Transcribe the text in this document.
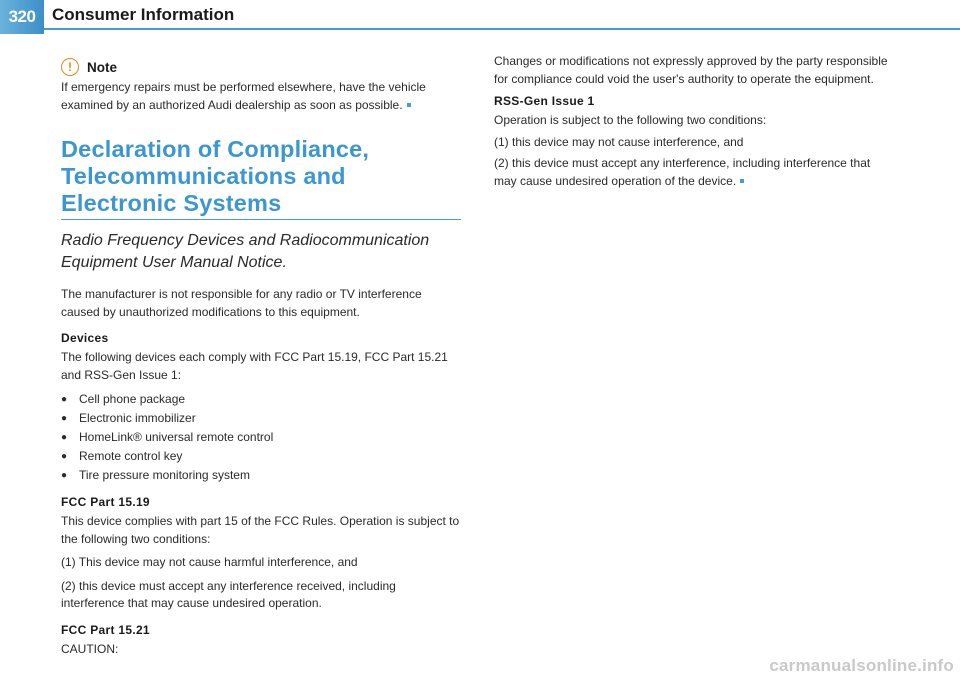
320 Consumer Information
!	Note

If emergency repairs must be performed elsewhere, have the vehicle examined by an authorized Audi dealership as soon as possible.

Declaration of Compliance, Telecommunications and Electronic Systems
Radio Frequency Devices and Radiocommunication Equipment User Manual Notice.

The manufacturer is not responsible for any radio or TV interference caused by unauthorized modifications to this equipment.

Devices

The following devices each comply with FCC Part 15.19, FCC Part 15.21 and RSS-Gen Issue 1:

● Cell phone package
● Electronic immobilizer
● HomeLink® universal remote control
● Remote control key
● Tire pressure monitoring system
FCC Part 15.19

This device complies with part 15 of the FCC Rules. Operation is subject to the following two conditions:

(1) This device may not cause harmful interference, and

(2) this device must accept any interference received, including interference that may cause undesired operation.

FCC Part 15.21

CAUTION:

Changes or modifications not expressly approved by the party responsible for compliance could void the user's authority to operate the equipment.

RSS-Gen Issue 1

Operation is subject to the following two conditions:

(1) this device may not cause interference, and

(2) this device must accept any interference, including interference that may cause undesired operation of the device.

carmanualsonline.info
